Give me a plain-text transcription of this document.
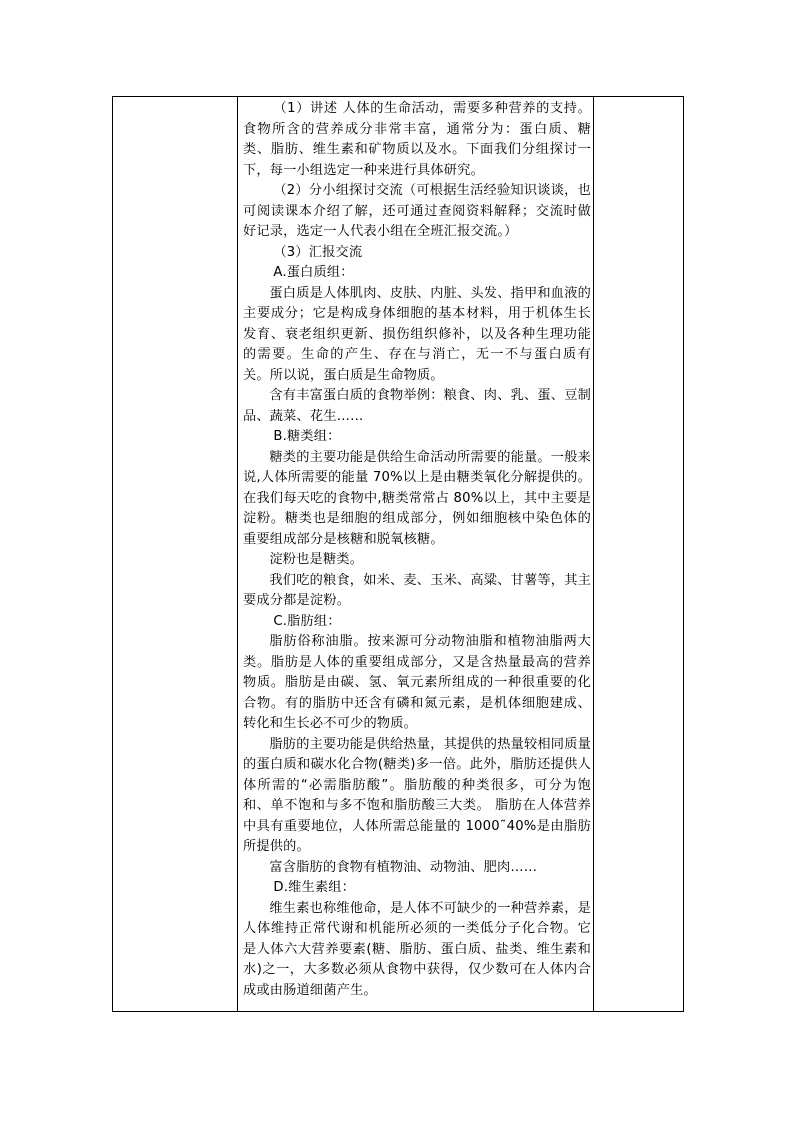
（1）讲述 人体的生命活动，需要多种营养的支持。食物所含的营养成分非常丰富，通常分为：蛋白质、糖类、脂肪、维生素和矿物质以及水。下面我们分组探讨一下，每一小组选定一种来进行具体研究。

（2）分小组探讨交流（可根据生活经验知识谈谈，也可阅读课本介绍了解，还可通过查阅资料解释；交流时做好记录，选定一人代表小组在全班汇报交流。）

（3）汇报交流

A.蛋白质组：

蛋白质是人体肌肉、皮肤、内脏、头发、指甲和血液的主要成分；它是构成身体细胞的基本材料，用于机体生长发育、衰老组织更新、损伤组织修补，以及各种生理功能的需要。生命的产生、存在与消亡，无一不与蛋白质有关。所以说，蛋白质是生命物质。

含有丰富蛋白质的食物举例：粮食、肉、乳、蛋、豆制品、蔬菜、花生……

B.糖类组：

糖类的主要功能是供给生命活动所需要的能量。一般来说,人体所需要的能量 70%以上是由糖类氧化分解提供的。在我们每天吃的食物中,糖类常常占 80%以上，其中主要是淀粉。糖类也是细胞的组成部分，例如细胞核中染色体的重要组成部分是核糖和脱氧核糖。

淀粉也是糖类。

我们吃的粮食，如米、麦、玉米、高粱、甘薯等，其主要成分都是淀粉。

C.脂肪组：

脂肪俗称油脂。按来源可分动物油脂和植物油脂两大类。脂肪是人体的重要组成部分，又是含热量最高的营养物质。脂肪是由碳、氢、氧元素所组成的一种很重要的化合物。有的脂肪中还含有磷和氮元素，是机体细胞建成、转化和生长必不可少的物质。

脂肪的主要功能是供给热量，其提供的热量较相同质量的蛋白质和碳水化合物(糖类)多一倍。此外，脂肪还提供人体所需的“必需脂肪酸”。脂肪酸的种类很多，可分为饱和、单不饱和与多不饱和脂肪酸三大类。 脂肪在人体营养中具有重要地位，人体所需总能量的 1000˜40%是由脂肪所提供的。

富含脂肪的食物有植物油、动物油、肥肉……

D.维生素组：

维生素也称维他命，是人体不可缺少的一种营养素，是人体维持正常代谢和机能所必须的一类低分子化合物。它是人体六大营养要素(糖、脂肪、蛋白质、盐类、维生素和水)之一，大多数必须从食物中获得，仅少数可在人体内合成或由肠道细菌产生。
